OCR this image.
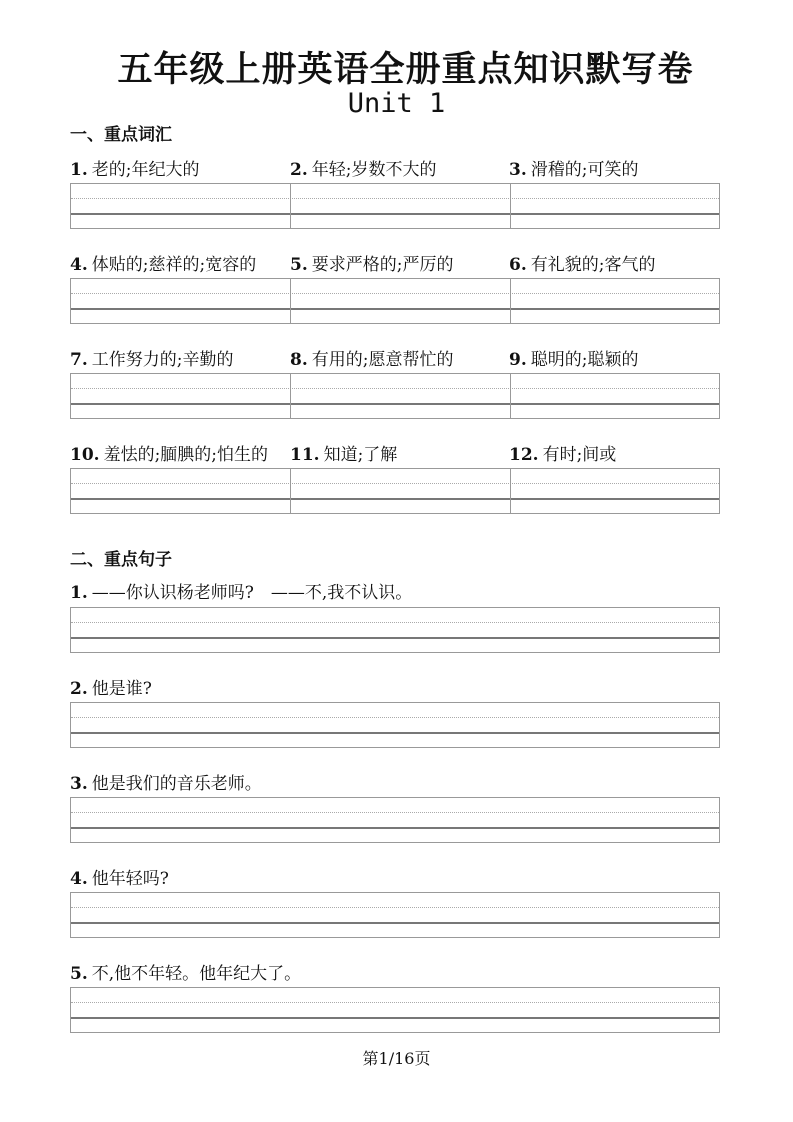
五年级上册英语全册重点知识默写卷
Unit 1
一、重点词汇
1. 老的;年纪大的	2. 年轻;岁数不大的	3. 滑稽的;可笑的
4. 体贴的;慈祥的;宽容的 5. 要求严格的;严厉的	6. 有礼貌的;客气的
7. 工作努力的;辛勤的	8. 有用的;愿意帮忙的	9. 聪明的;聪颖的
10. 羞怯的;腼腆的;怕生的 11. 知道;了解	12. 有时;间或
二、重点句子
1. ——你认识杨老师吗?　——不,我不认识。
2. 他是谁?
3. 他是我们的音乐老师。
4. 他年轻吗?
5. 不,他不年轻。他年纪大了。
第1/16页
